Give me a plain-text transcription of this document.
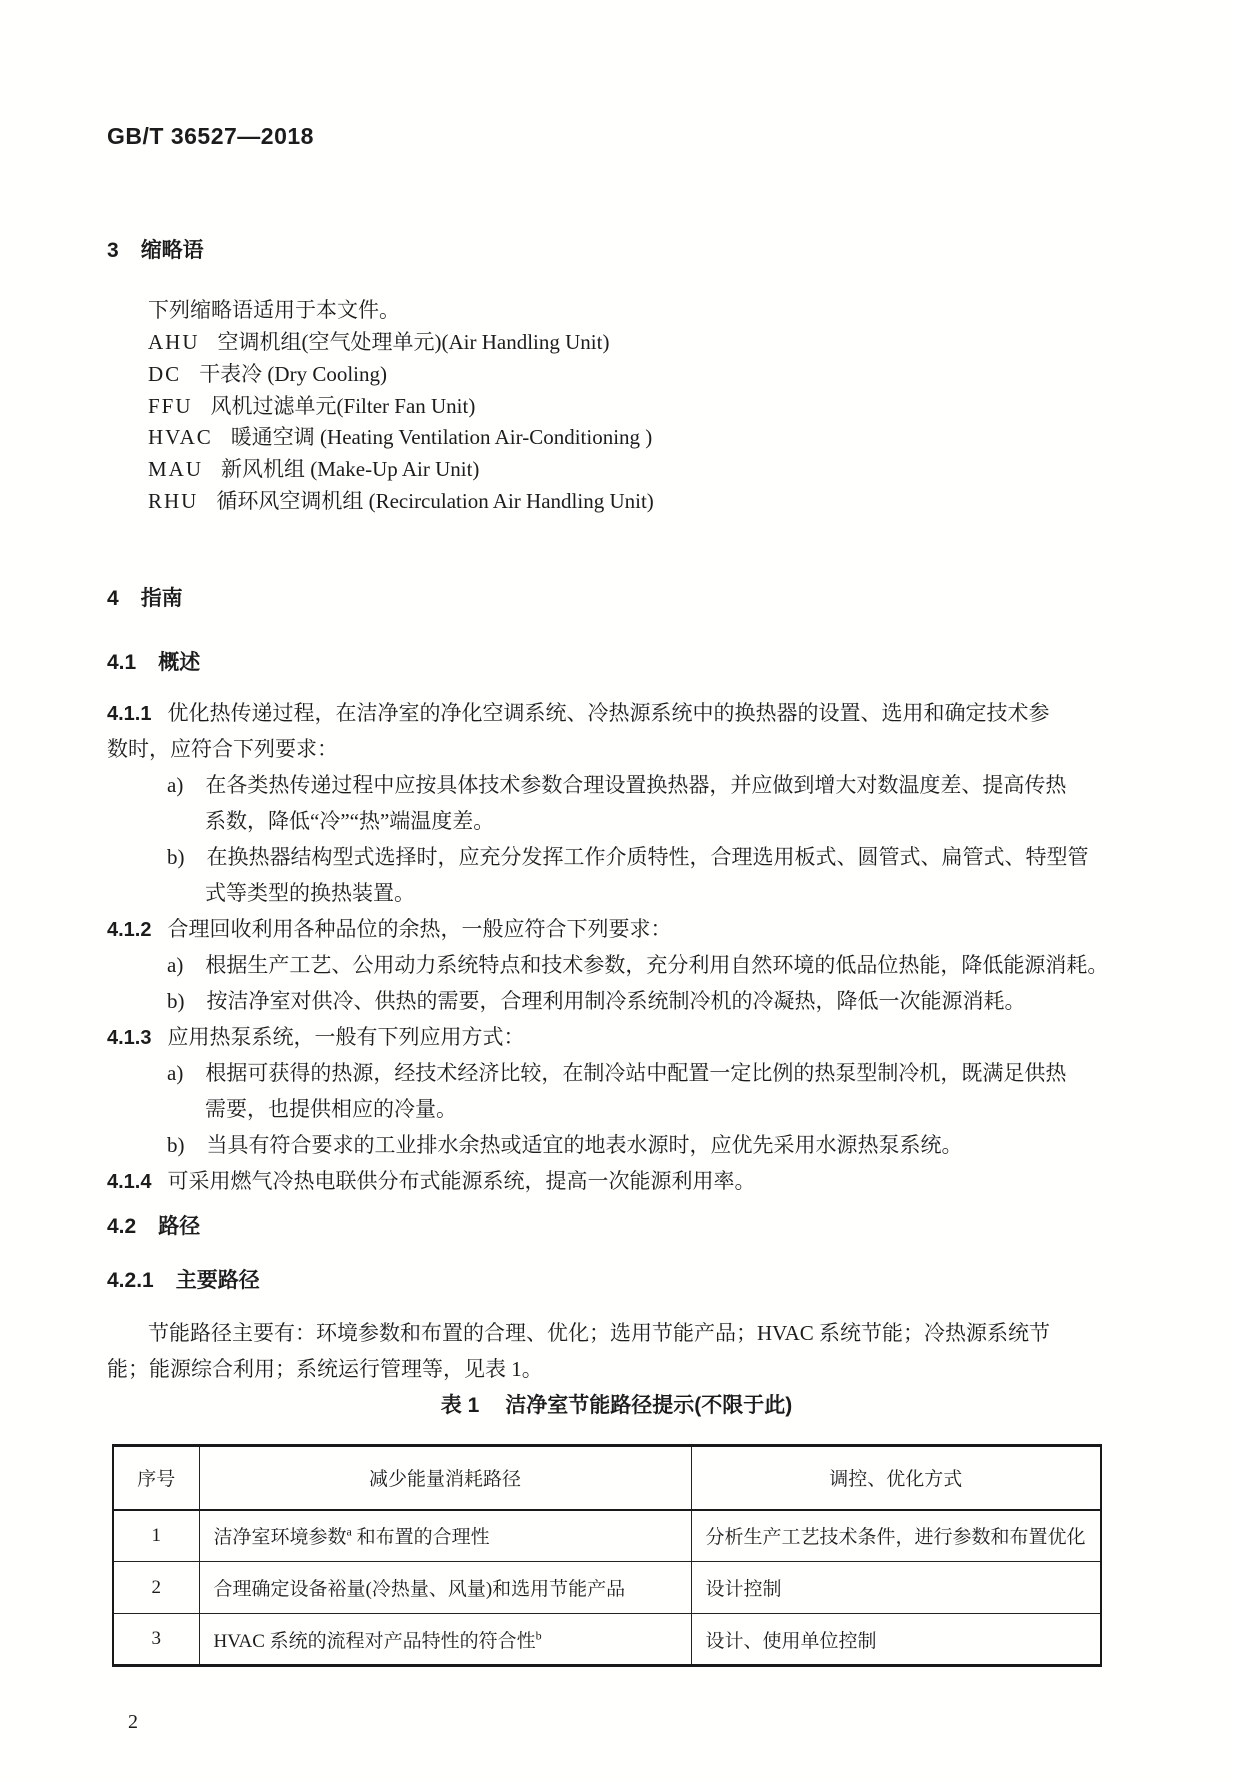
GB/T 36527—2018
3 缩略语
下列缩略语适用于本文件。
AHU 空调机组(空气处理单元)(Air Handling Unit)
DC 干表冷 (Dry Cooling)
FFU 风机过滤单元(Filter Fan Unit)
HVAC 暖通空调 (Heating Ventilation Air-Conditioning )
MAU 新风机组 (Make-Up Air Unit)
RHU 循环风空调机组 (Recirculation Air Handling Unit)
4 指南
4.1 概述
4.1.1 优化热传递过程，在洁净室的净化空调系统、冷热源系统中的换热器的设置、选用和确定技术参
数时，应符合下列要求：
a) 在各类热传递过程中应按具体技术参数合理设置换热器，并应做到增大对数温度差、提高传热
系数，降低“冷”“热”端温度差。
b) 在换热器结构型式选择时，应充分发挥工作介质特性，合理选用板式、圆管式、扁管式、特型管
式等类型的换热装置。
4.1.2 合理回收利用各种品位的余热，一般应符合下列要求：
a) 根据生产工艺、公用动力系统特点和技术参数，充分利用自然环境的低品位热能，降低能源消耗。
b) 按洁净室对供冷、供热的需要，合理利用制冷系统制冷机的冷凝热，降低一次能源消耗。
4.1.3 应用热泵系统，一般有下列应用方式：
a) 根据可获得的热源，经技术经济比较，在制冷站中配置一定比例的热泵型制冷机，既满足供热
需要，也提供相应的冷量。
b) 当具有符合要求的工业排水余热或适宜的地表水源时，应优先采用水源热泵系统。
4.1.4 可采用燃气冷热电联供分布式能源系统，提高一次能源利用率。
4.2 路径
4.2.1 主要路径
节能路径主要有：环境参数和布置的合理、优化；选用节能产品；HVAC 系统节能；冷热源系统节
能；能源综合利用；系统运行管理等，见表 1。
表 1 洁净室节能路径提示(不限于此)
序号	减少能量消耗路径	调控、优化方式
1	洁净室环境参数$^a$ 和布置的合理性	分析生产工艺技术条件，进行参数和布置优化
2	合理确定设备裕量(冷热量、风量)和选用节能产品	设计控制
3	HVAC 系统的流程对产品特性的符合性$^b$	设计、使用单位控制
2
